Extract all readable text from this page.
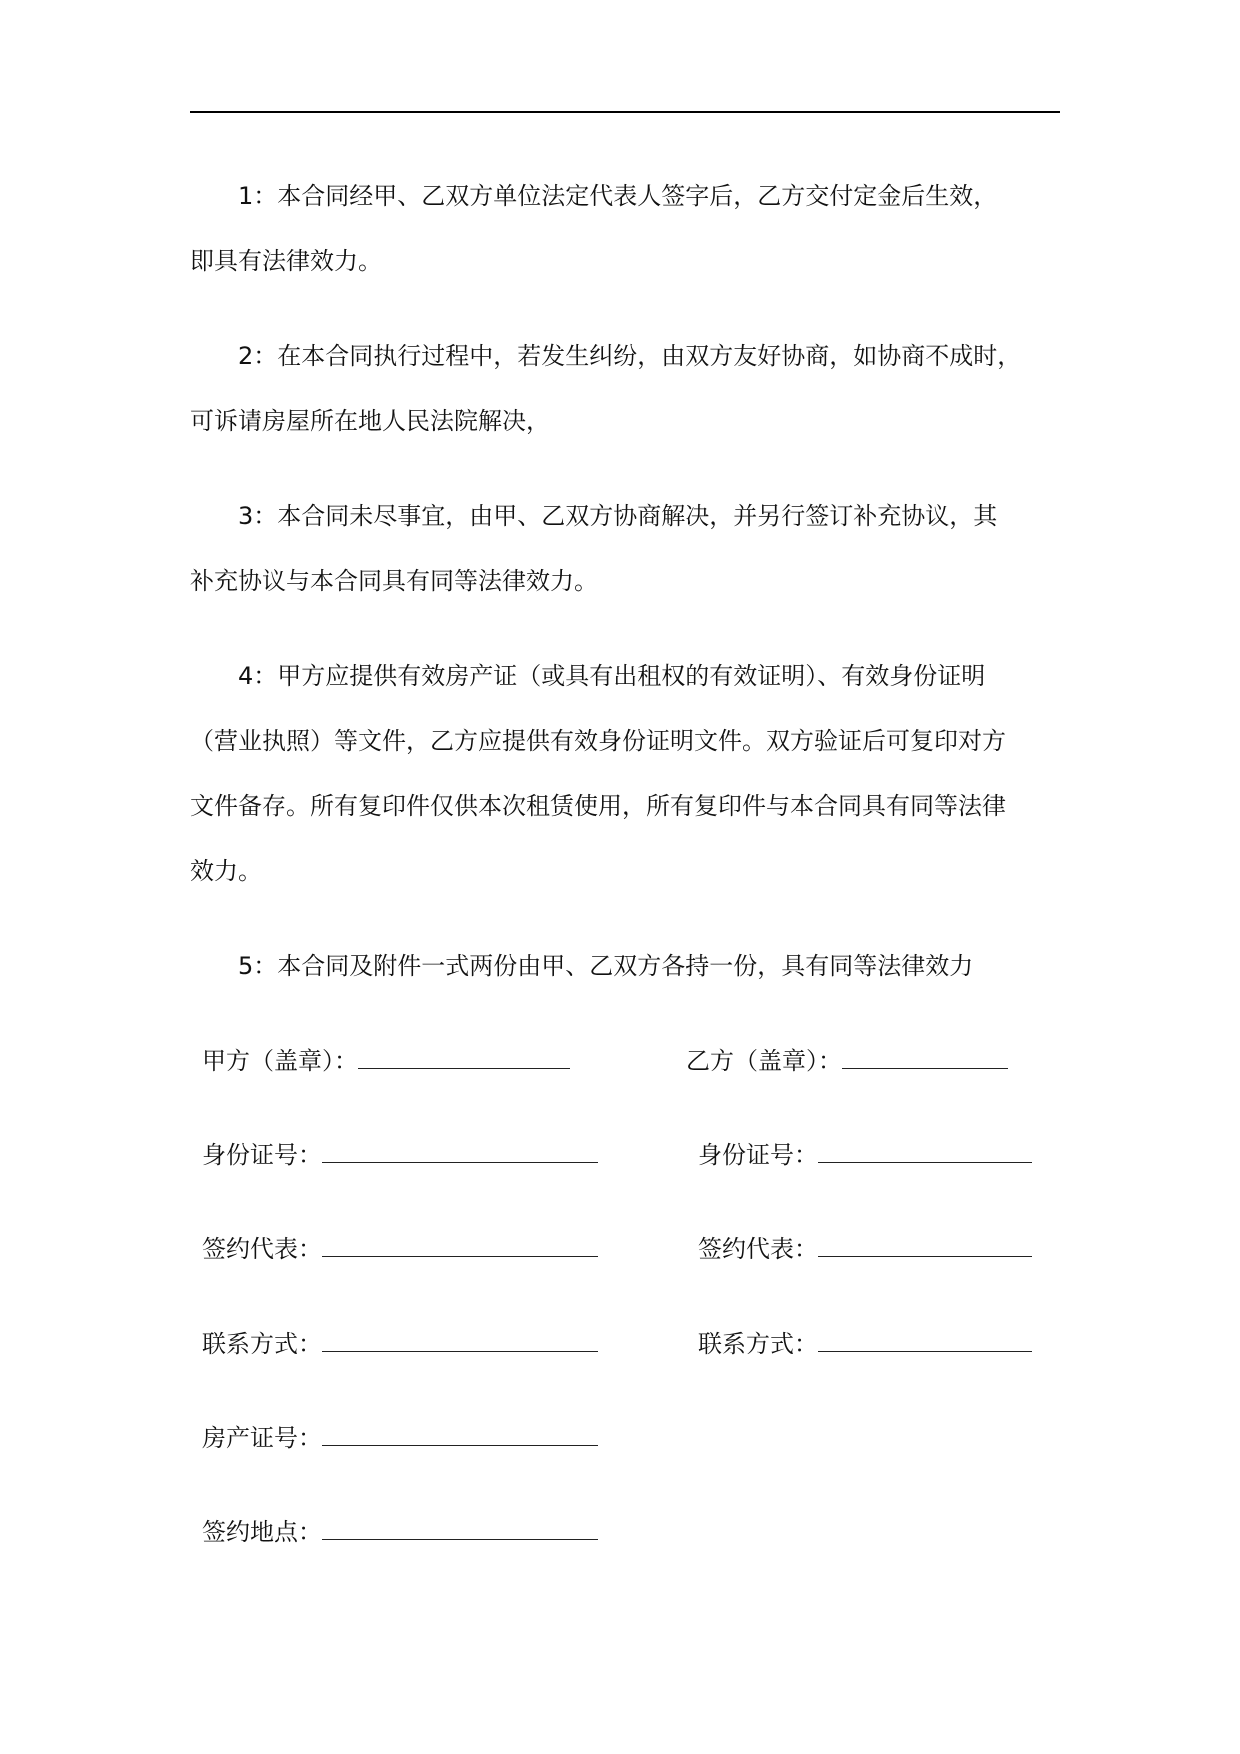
1：本合同经甲、乙双方单位法定代表人签字后，乙方交付定金后生效，
即具有法律效力。
2：在本合同执行过程中，若发生纠纷，由双方友好协商，如协商不成时，
可诉请房屋所在地人民法院解决，
3：本合同未尽事宜，由甲、乙双方协商解决，并另行签订补充协议，其
补充协议与本合同具有同等法律效力。
4：甲方应提供有效房产证（或具有出租权的有效证明）、有效身份证明
（营业执照）等文件，乙方应提供有效身份证明文件。双方验证后可复印对方
文件备存。所有复印件仅供本次租赁使用，所有复印件与本合同具有同等法律
效力。
5：本合同及附件一式两份由甲、乙双方各持一份，具有同等法律效力
甲方（盖章）：
身份证号：
签约代表：
联系方式：
房产证号：
签约地点：
乙方（盖章）：
身份证号：
签约代表：
联系方式：
